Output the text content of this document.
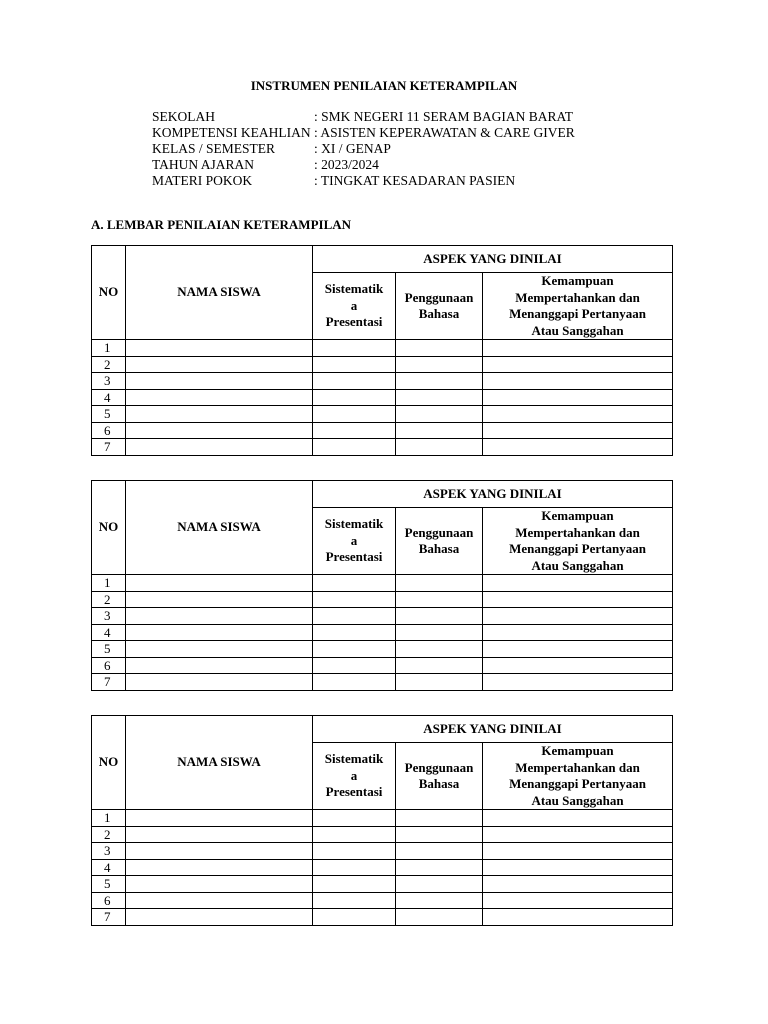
INSTRUMEN PENILAIAN KETERAMPILAN
SEKOLAH	: SMK NEGERI 11 SERAM BAGIAN BARAT
KOMPETENSI KEAHLIAN : ASISTEN KEPERAWATAN & CARE GIVER
KELAS / SEMESTER	: XI / GENAP
TAHUN AJARAN	: 2023/2024
MATERI POKOK	: TINGKAT KESADARAN PASIEN
A. LEMBAR PENILAIAN KETERAMPILAN
NO	NAMA SISWA	ASPEK YANG DINILAI		
		Sistematik a Presentasi	Penggunaan Bahasa	Kemampuan Mempertahankan dan Menanggapi Pertanyaan Atau Sanggahan
1				
2				
3				
4				
5				
6				
7				
NO	NAMA SISWA	ASPEK YANG DINILAI		
		Sistematik a Presentasi	Penggunaan Bahasa	Kemampuan Mempertahankan dan Menanggapi Pertanyaan Atau Sanggahan
1				
2				
3				
4				
5				
6				
7				
NO	NAMA SISWA	ASPEK YANG DINILAI		
		Sistematik a Presentasi	Penggunaan Bahasa	Kemampuan Mempertahankan dan Menanggapi Pertanyaan Atau Sanggahan
1				
2				
3				
4				
5				
6				
7				
